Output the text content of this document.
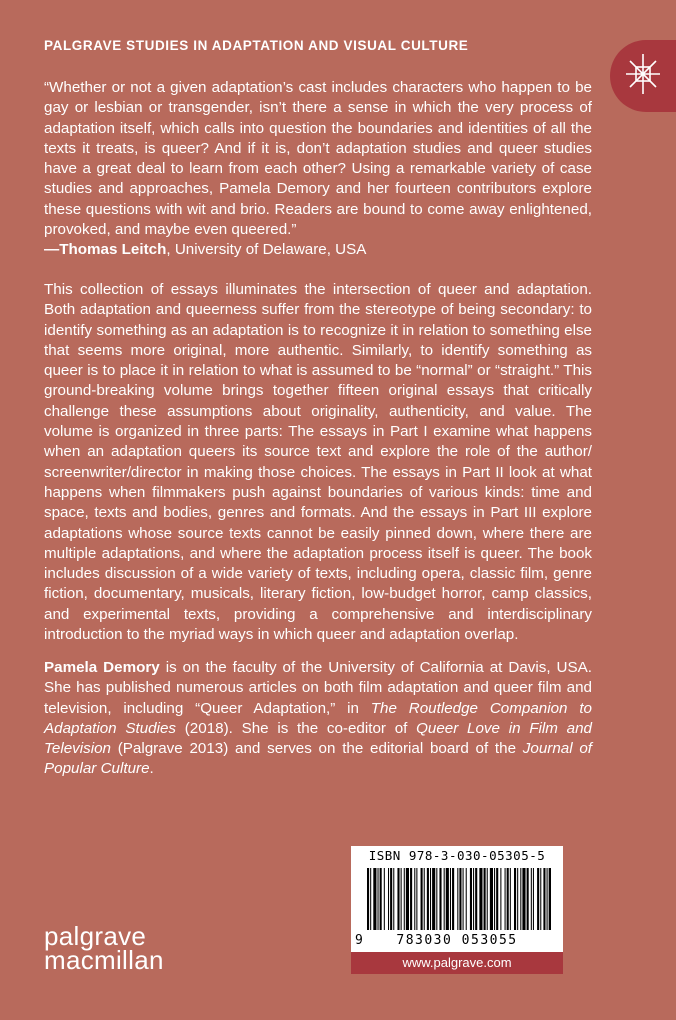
PALGRAVE STUDIES IN ADAPTATION AND VISUAL CULTURE

“Whether or not a given adaptation’s cast includes characters who happen to be gay or lesbian or transgender, isn’t there a sense in which the very process of adaptation itself, which calls into question the boundaries and identities of all the texts it treats, is queer? And if it is, don’t adaptation studies and queer studies have a great deal to learn from each other? Using a remarkable variety of case studies and approaches, Pamela Demory and her fourteen contributors explore these questions with wit and brio. Readers are bound to come away enlightened, provoked, and maybe even queered.”

—Thomas Leitch, University of Delaware, USA

This collection of essays illuminates the intersection of queer and adaptation. Both adaptation and queerness suffer from the stereotype of being secondary: to identify something as an adaptation is to recognize it in relation to something else that seems more original, more authentic. Similarly, to identify something as queer is to place it in relation to what is assumed to be “normal” or “straight.” This ground-breaking volume brings together fifteen original essays that critically challenge these assumptions about originality, authenticity, and value. The volume is organized in three parts: The essays in Part I examine what happens when an adaptation queers its source text and explore the role of the author/ screenwriter/director in making those choices. The essays in Part II look at what happens when filmmakers push against boundaries of various kinds: time and space, texts and bodies, genres and formats. And the essays in Part III explore adaptations whose source texts cannot be easily pinned down, where there are multiple adaptations, and where the adaptation process itself is queer. The book includes discussion of a wide variety of texts, including opera, classic film, genre fiction, documentary, musicals, literary fiction, low-budget horror, camp classics, and experimental texts, providing a comprehensive and interdisciplinary introduction to the myriad ways in which queer and adaptation overlap.

Pamela Demory is on the faculty of the University of California at Davis, USA. She has published numerous articles on both film adaptation and queer film and television, including “Queer Adaptation,” in The Routledge Companion to Adaptation Studies (2018). She is the co-editor of Queer Love in Film and Television (Palgrave 2013) and serves on the editorial board of the Journal of Popular Culture.

ISBN 978-3-030-05305-5
9 783030 053055
www.palgrave.com
palgrave
macmillan
